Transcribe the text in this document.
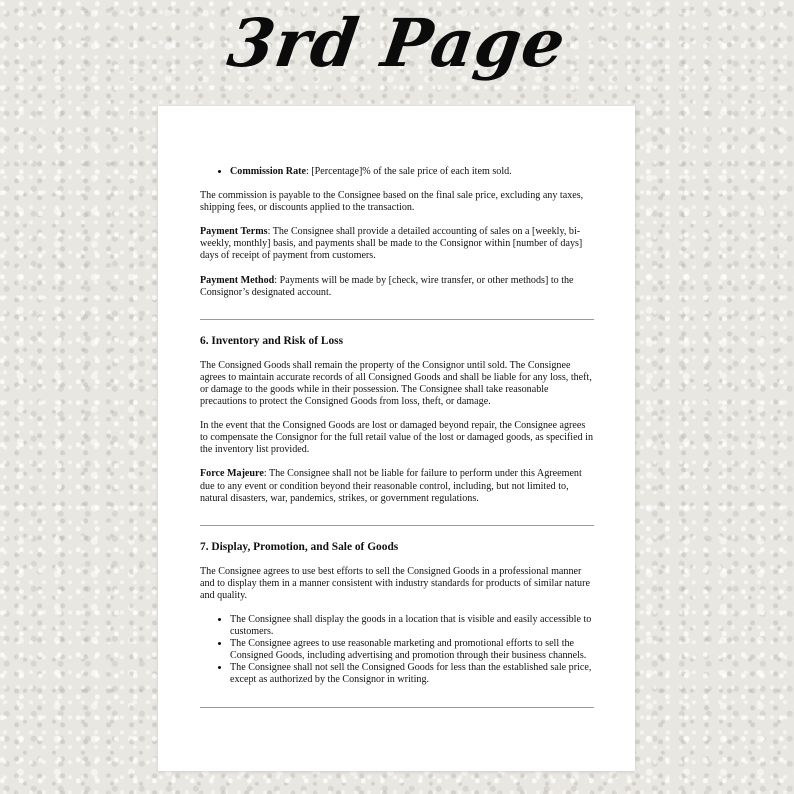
3rd Page
• Commission Rate: [Percentage]% of the sale price of each item sold.

The commission is payable to the Consignee based on the final sale price, excluding any taxes, shipping fees, or discounts applied to the transaction.

Payment Terms: The Consignee shall provide a detailed accounting of sales on a [weekly, bi-weekly, monthly] basis, and payments shall be made to the Consignor within [number of days] days of receipt of payment from customers.

Payment Method: Payments will be made by [check, wire transfer, or other methods] to the Consignor’s designated account.

6. Inventory and Risk of Loss

The Consigned Goods shall remain the property of the Consignor until sold. The Consignee agrees to maintain accurate records of all Consigned Goods and shall be liable for any loss, theft, or damage to the goods while in their possession. The Consignee shall take reasonable precautions to protect the Consigned Goods from loss, theft, or damage.

In the event that the Consigned Goods are lost or damaged beyond repair, the Consignee agrees to compensate the Consignor for the full retail value of the lost or damaged goods, as specified in the inventory list provided.

Force Majeure: The Consignee shall not be liable for failure to perform under this Agreement due to any event or condition beyond their reasonable control, including, but not limited to, natural disasters, war, pandemics, strikes, or government regulations.

7. Display, Promotion, and Sale of Goods

The Consignee agrees to use best efforts to sell the Consigned Goods in a professional manner and to display them in a manner consistent with industry standards for products of similar nature and quality.

• The Consignee shall display the goods in a location that is visible and easily accessible to customers.
• The Consignee agrees to use reasonable marketing and promotional efforts to sell the Consigned Goods, including advertising and promotion through their business channels.
• The Consignee shall not sell the Consigned Goods for less than the established sale price, except as authorized by the Consignor in writing.
